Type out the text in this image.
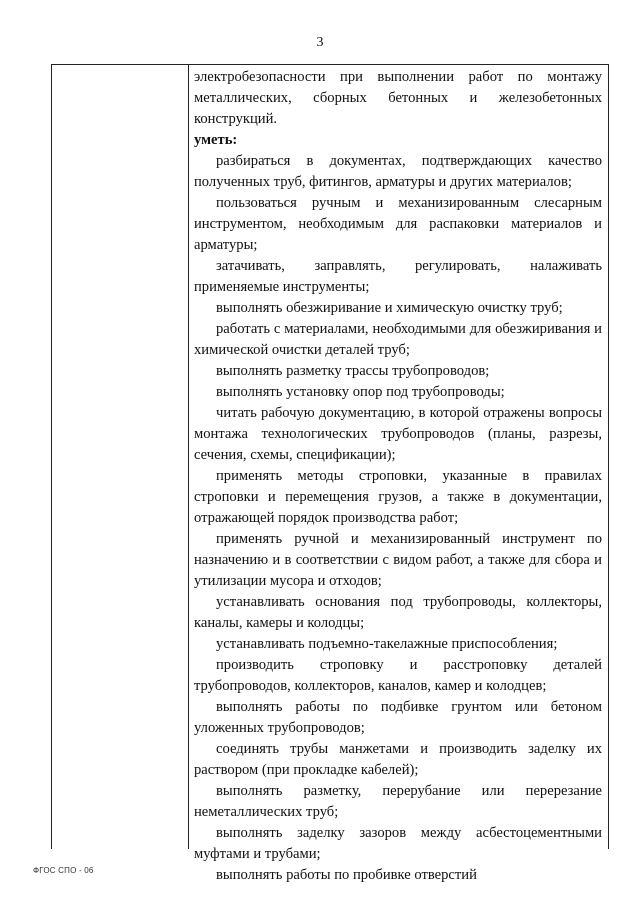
3

электробезопасности при выполнении работ по монтажу металлических, сборных бетонных и железобетонных конструкций.

уметь:

разбираться в документах, подтверждающих качество полученных труб, фитингов, арматуры и других материалов;

пользоваться ручным и механизированным слесарным инструментом, необходимым для распаковки материалов и арматуры;

затачивать, заправлять, регулировать, налаживать применяемые инструменты;

выполнять обезжиривание и химическую очистку труб;

работать с материалами, необходимыми для обезжиривания и химической очистки деталей труб;

выполнять разметку трассы трубопроводов;

выполнять установку опор под трубопроводы;

читать рабочую документацию, в которой отражены вопросы монтажа технологических трубопроводов (планы, разрезы, сечения, схемы, спецификации);

применять методы строповки, указанные в правилах строповки и перемещения грузов, а также в документации, отражающей порядок производства работ;

применять ручной и механизированный инструмент по назначению и в соответствии с видом работ, а также для сбора и утилизации мусора и отходов;

устанавливать основания под трубопроводы, коллекторы, каналы, камеры и колодцы;

устанавливать подъемно-такелажные приспособления;

производить строповку и расстроповку деталей трубопроводов, коллекторов, каналов, камер и колодцев;

выполнять работы по подбивке грунтом или бетоном уложенных трубопроводов;

соединять трубы манжетами и производить заделку их раствором (при прокладке кабелей);

выполнять разметку, перерубание или перерезание неметаллических труб;

выполнять заделку зазоров между асбестоцементными муфтами и трубами;

выполнять работы по пробивке отверстий

ФГОС СПО - 06
